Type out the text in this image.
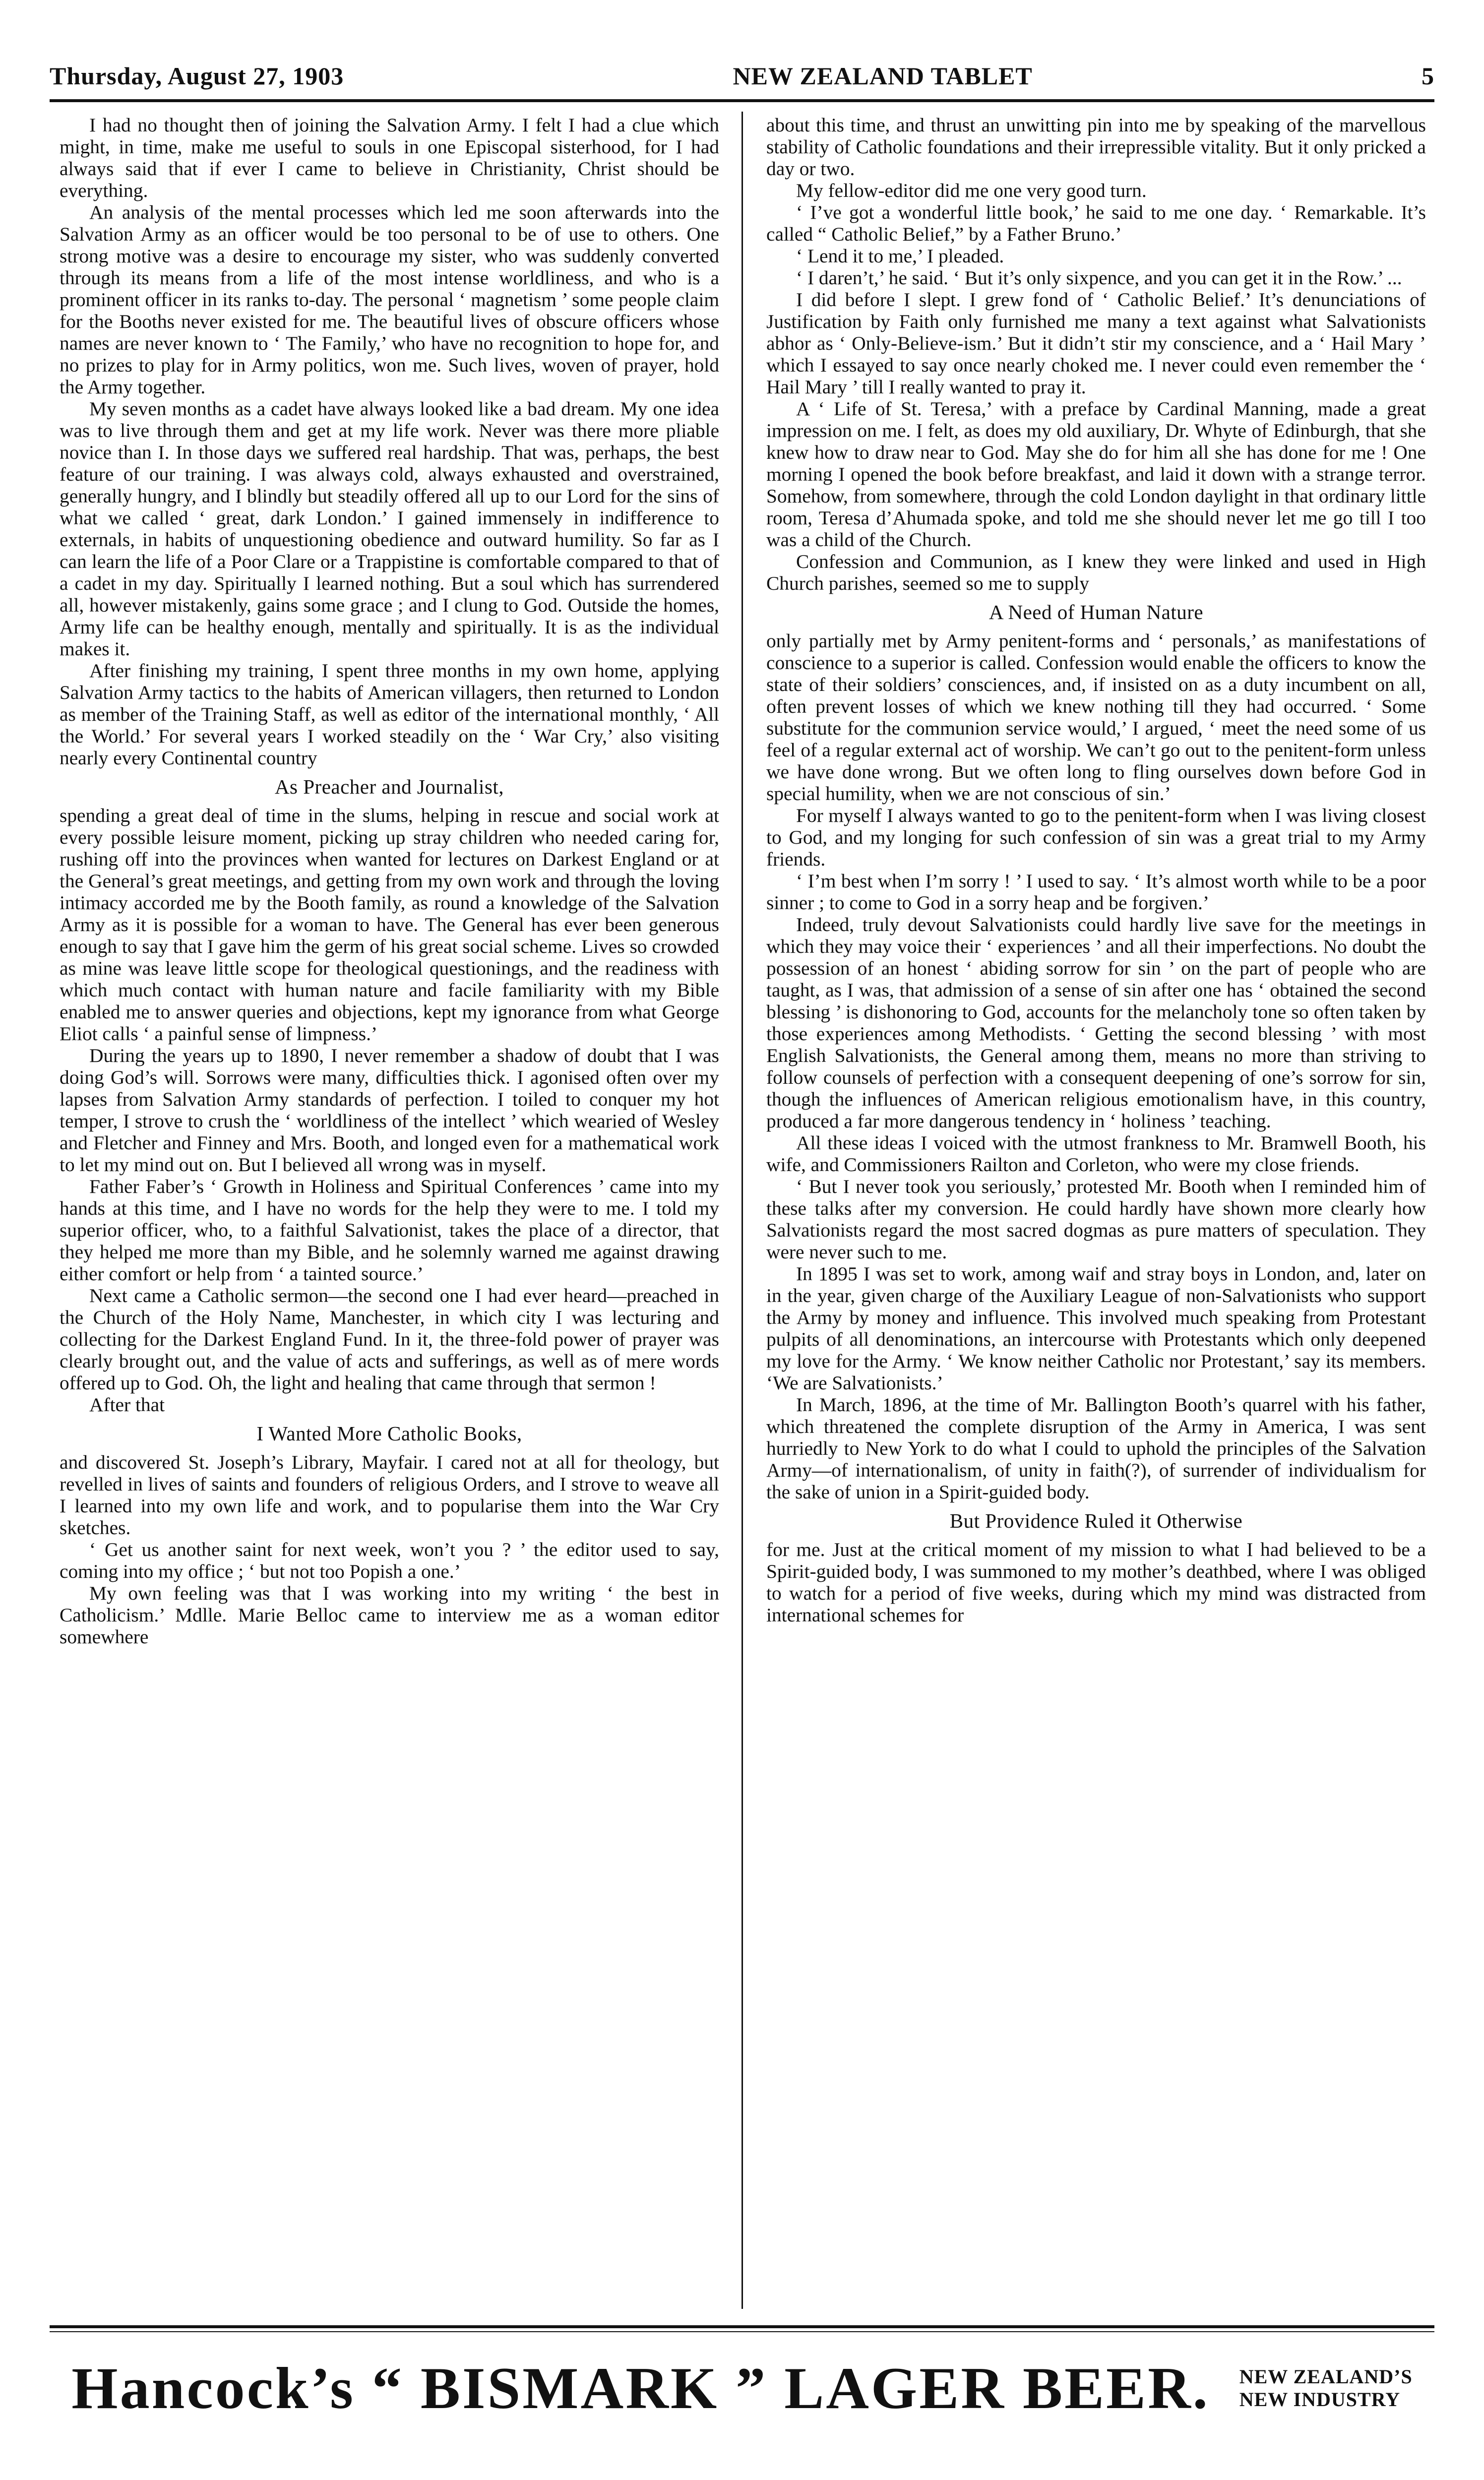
Thursday, August 27, 1903	NEW ZEALAND TABLET	5

I had no thought then of joining the Salvation Army. I felt I had a clue which might, in time, make me useful to souls in one Episcopal sisterhood, for I had always said that if ever I came to believe in Christianity, Christ should be everything.

An analysis of the mental processes which led me soon afterwards into the Salvation Army as an officer would be too personal to be of use to others. One strong motive was a desire to encourage my sister, who was suddenly converted through its means from a life of the most intense worldliness, and who is a prominent officer in its ranks to-day. The personal ‘ magnetism ’ some people claim for the Booths never existed for me. The beautiful lives of obscure officers whose names are never known to ‘ The Family,’ who have no recognition to hope for, and no prizes to play for in Army politics, won me. Such lives, woven of prayer, hold the Army together.

My seven months as a cadet have always looked like a bad dream. My one idea was to live through them and get at my life work. Never was there more pliable novice than I. In those days we suffered real hardship. That was, perhaps, the best feature of our training. I was always cold, always exhausted and overstrained, generally hungry, and I blindly but steadily offered all up to our Lord for the sins of what we called ‘ great, dark London.’ I gained immensely in indifference to externals, in habits of unquestioning obedience and outward humility. So far as I can learn the life of a Poor Clare or a Trappistine is comfortable compared to that of a cadet in my day. Spiritually I learned nothing. But a soul which has surrendered all, however mistakenly, gains some grace ; and I clung to God. Outside the homes, Army life can be healthy enough, mentally and spiritually. It is as the individual makes it.

After finishing my training, I spent three months in my own home, applying Salvation Army tactics to the habits of American villagers, then returned to London as member of the Training Staff, as well as editor of the international monthly, ‘ All the World.’ For several years I worked steadily on the ‘ War Cry,’ also visiting nearly every Continental country

As Preacher and Journalist,

spending a great deal of time in the slums, helping in rescue and social work at every possible leisure moment, picking up stray children who needed caring for, rushing off into the provinces when wanted for lectures on Darkest England or at the General’s great meetings, and getting from my own work and through the loving intimacy accorded me by the Booth family, as round a knowledge of the Salvation Army as it is possible for a woman to have. The General has ever been generous enough to say that I gave him the germ of his great social scheme. Lives so crowded as mine was leave little scope for theological questionings, and the readiness with which much contact with human nature and facile familiarity with my Bible enabled me to answer queries and objections, kept my ignorance from what George Eliot calls ‘ a painful sense of limpness.’

During the years up to 1890, I never remember a shadow of doubt that I was doing God’s will. Sorrows were many, difficulties thick. I agonised often over my lapses from Salvation Army standards of perfection. I toiled to conquer my hot temper, I strove to crush the ‘ worldliness of the intellect ’ which wearied of Wesley and Fletcher and Finney and Mrs. Booth, and longed even for a mathematical work to let my mind out on. But I believed all wrong was in myself.

Father Faber’s ‘ Growth in Holiness and Spiritual Conferences ’ came into my hands at this time, and I have no words for the help they were to me. I told my superior officer, who, to a faithful Salvationist, takes the place of a director, that they helped me more than my Bible, and he solemnly warned me against drawing either comfort or help from ‘ a tainted source.’

Next came a Catholic sermon—the second one I had ever heard—preached in the Church of the Holy Name, Manchester, in which city I was lecturing and collecting for the Darkest England Fund. In it, the three-fold power of prayer was clearly brought out, and the value of acts and sufferings, as well as of mere words offered up to God. Oh, the light and healing that came through that sermon !

After that

I Wanted More Catholic Books,

and discovered St. Joseph’s Library, Mayfair. I cared not at all for theology, but revelled in lives of saints and founders of religious Orders, and I strove to weave all I learned into my own life and work, and to popularise them into the War Cry sketches.

‘ Get us another saint for next week, won’t you ? ’ the editor used to say, coming into my office ; ‘ but not too Popish a one.’

My own feeling was that I was working into my writing ‘ the best in Catholicism.’ Mdlle. Marie Belloc came to interview me as a woman editor somewhere

about this time, and thrust an unwitting pin into me by speaking of the marvellous stability of Catholic foundations and their irrepressible vitality. But it only pricked a day or two.

My fellow-editor did me one very good turn.

‘ I’ve got a wonderful little book,’ he said to me one day. ‘ Remarkable. It’s called “ Catholic Belief,” by a Father Bruno.’

‘ Lend it to me,’ I pleaded.

‘ I daren’t,’ he said. ‘ But it’s only sixpence, and you can get it in the Row.’ ...

I did before I slept. I grew fond of ‘ Catholic Belief.’ It’s denunciations of Justification by Faith only furnished me many a text against what Salvationists abhor as ‘ Only-Believe-ism.’ But it didn’t stir my conscience, and a ‘ Hail Mary ’ which I essayed to say once nearly choked me. I never could even remember the ‘ Hail Mary ’ till I really wanted to pray it.

A ‘ Life of St. Teresa,’ with a preface by Cardinal Manning, made a great impression on me. I felt, as does my old auxiliary, Dr. Whyte of Edinburgh, that she knew how to draw near to God. May she do for him all she has done for me ! One morning I opened the book before breakfast, and laid it down with a strange terror. Somehow, from somewhere, through the cold London daylight in that ordinary little room, Teresa d’Ahumada spoke, and told me she should never let me go till I too was a child of the Church.

Confession and Communion, as I knew they were linked and used in High Church parishes, seemed so me to supply

A Need of Human Nature

only partially met by Army penitent-forms and ‘ personals,’ as manifestations of conscience to a superior is called. Confession would enable the officers to know the state of their soldiers’ consciences, and, if insisted on as a duty incumbent on all, often prevent losses of which we knew nothing till they had occurred. ‘ Some substitute for the communion service would,’ I argued, ‘ meet the need some of us feel of a regular external act of worship. We can’t go out to the penitent-form unless we have done wrong. But we often long to fling ourselves down before God in special humility, when we are not conscious of sin.’

For myself I always wanted to go to the penitent-form when I was living closest to God, and my longing for such confession of sin was a great trial to my Army friends.

‘ I’m best when I’m sorry ! ’ I used to say. ‘ It’s almost worth while to be a poor sinner ; to come to God in a sorry heap and be forgiven.’

Indeed, truly devout Salvationists could hardly live save for the meetings in which they may voice their ‘ experiences ’ and all their imperfections. No doubt the possession of an honest ‘ abiding sorrow for sin ’ on the part of people who are taught, as I was, that admission of a sense of sin after one has ‘ obtained the second blessing ’ is dishonoring to God, accounts for the melancholy tone so often taken by those experiences among Methodists. ‘ Getting the second blessing ’ with most English Salvationists, the General among them, means no more than striving to follow counsels of perfection with a consequent deepening of one’s sorrow for sin, though the influences of American religious emotionalism have, in this country, produced a far more dangerous tendency in ‘ holiness ’ teaching.

All these ideas I voiced with the utmost frankness to Mr. Bramwell Booth, his wife, and Commissioners Railton and Corleton, who were my close friends.

‘ But I never took you seriously,’ protested Mr. Booth when I reminded him of these talks after my conversion. He could hardly have shown more clearly how Salvationists regard the most sacred dogmas as pure matters of speculation. They were never such to me.

In 1895 I was set to work, among waif and stray boys in London, and, later on in the year, given charge of the Auxiliary League of non-Salvationists who support the Army by money and influence. This involved much speaking from Protestant pulpits of all denominations, an intercourse with Protestants which only deepened my love for the Army. ‘ We know neither Catholic nor Protestant,’ say its members. ‘We are Salvationists.’

In March, 1896, at the time of Mr. Ballington Booth’s quarrel with his father, which threatened the complete disruption of the Army in America, I was sent hurriedly to New York to do what I could to uphold the principles of the Salvation Army—of internationalism, of unity in faith(?), of surrender of individualism for the sake of union in a Spirit-guided body.

But Providence Ruled it Otherwise

for me. Just at the critical moment of my mission to what I had believed to be a Spirit-guided body, I was summoned to my mother’s deathbed, where I was obliged to watch for a period of five weeks, during which my mind was distracted from international schemes for

Hancock’s “ BISMARK ” LAGER BEER. NEW ZEALAND’S
NEW INDUSTRY
